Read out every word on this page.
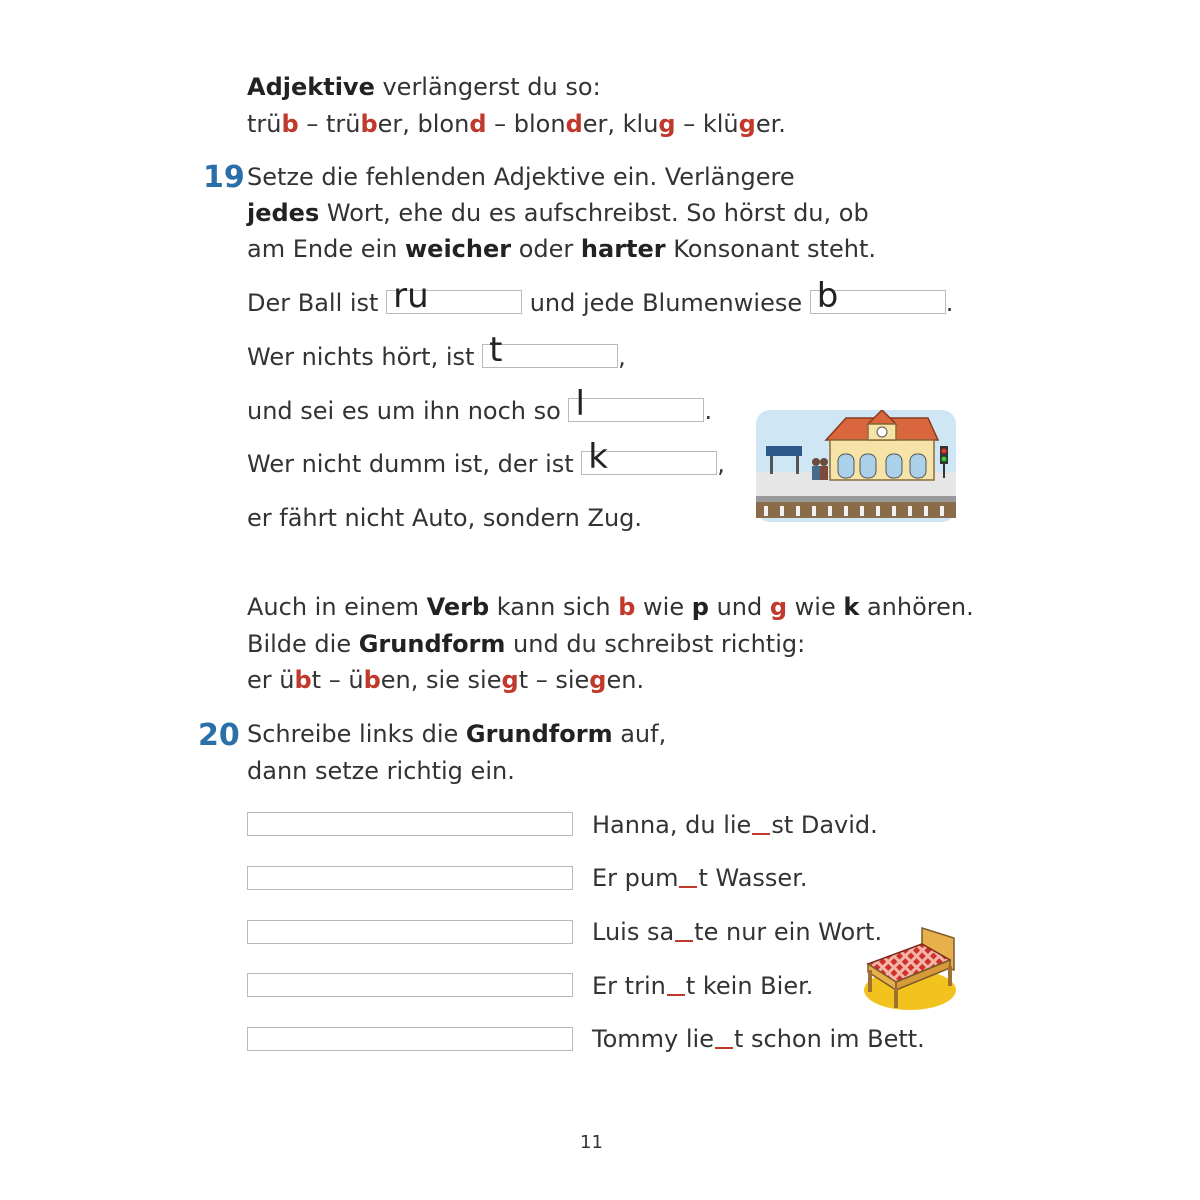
Adjektive verlängerst du so:
trüb – trüber, blond – blonder, klug – klüger.
19 Setze die fehlenden Adjektive ein. Verlängere
jedes Wort, ehe du es aufschreibst. So hörst du, ob
am Ende ein weicher oder harter Konsonant steht.
Der Ball ist ru	und jede Blumenwiese b	.
Wer nichts hört, ist t	,
und sei es um ihn noch so l	.
Wer nicht dumm ist, der ist k	,
er fährt nicht Auto, sondern Zug.
Auch in einem Verb kann sich b wie p und g wie k anhören.
Bilde die Grundform und du schreibst richtig:
er übt – üben, sie siegt – siegen.
20 Schreibe links die Grundform auf,
dann setze richtig ein.
Hanna, du lie st David.
Er pum t Wasser.
Luis sa te nur ein Wort.
Er trin t kein Bier.
Tommy lie t schon im Bett.
11
